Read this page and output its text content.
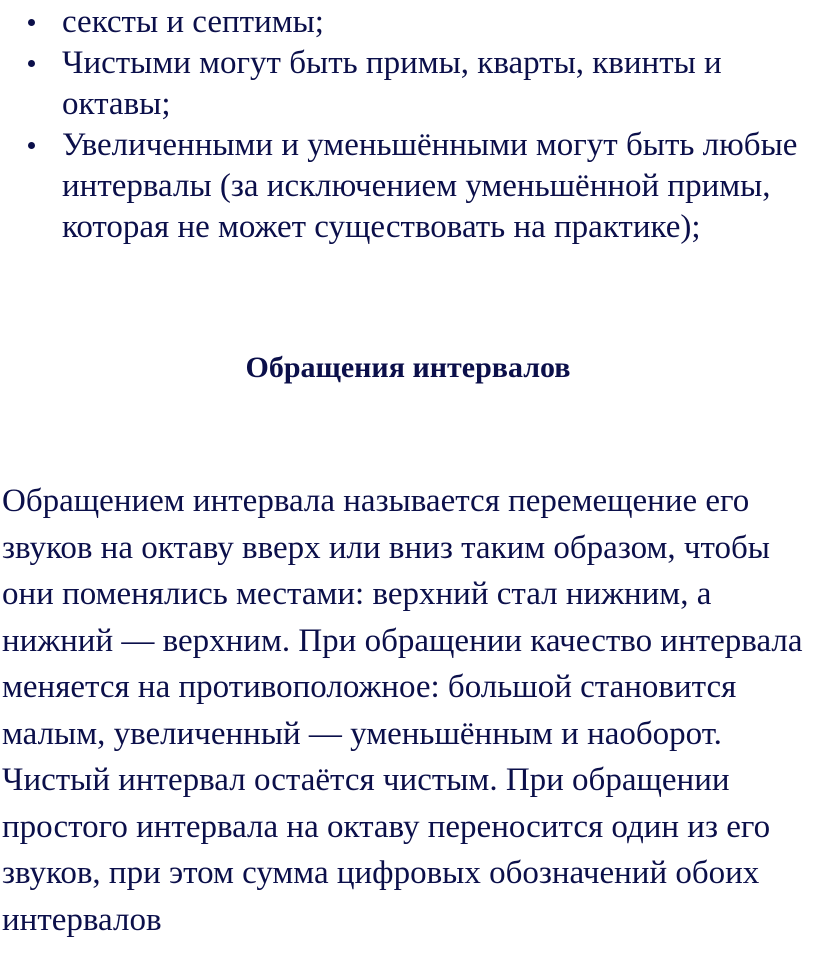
сексты и септимы;
Чистыми могут быть примы, кварты, квинты и октавы;
Увеличенными и уменьшёнными могут быть любые интервалы (за исключением уменьшённой примы, которая не может существовать на практике);
Обращения интервалов

Обращением интервала называется перемещение его звуков на октаву вверх или вниз таким образом, чтобы они поменялись местами: верхний стал нижним, а нижний — верхним. При обращении качество интервала меняется на противоположное: большой становится малым, увеличенный — уменьшённым и наоборот. Чистый интервал остаётся чистым. При обращении простого интервала на октаву переносится один из его звуков, при этом сумма цифровых обозначений обоих интервалов
